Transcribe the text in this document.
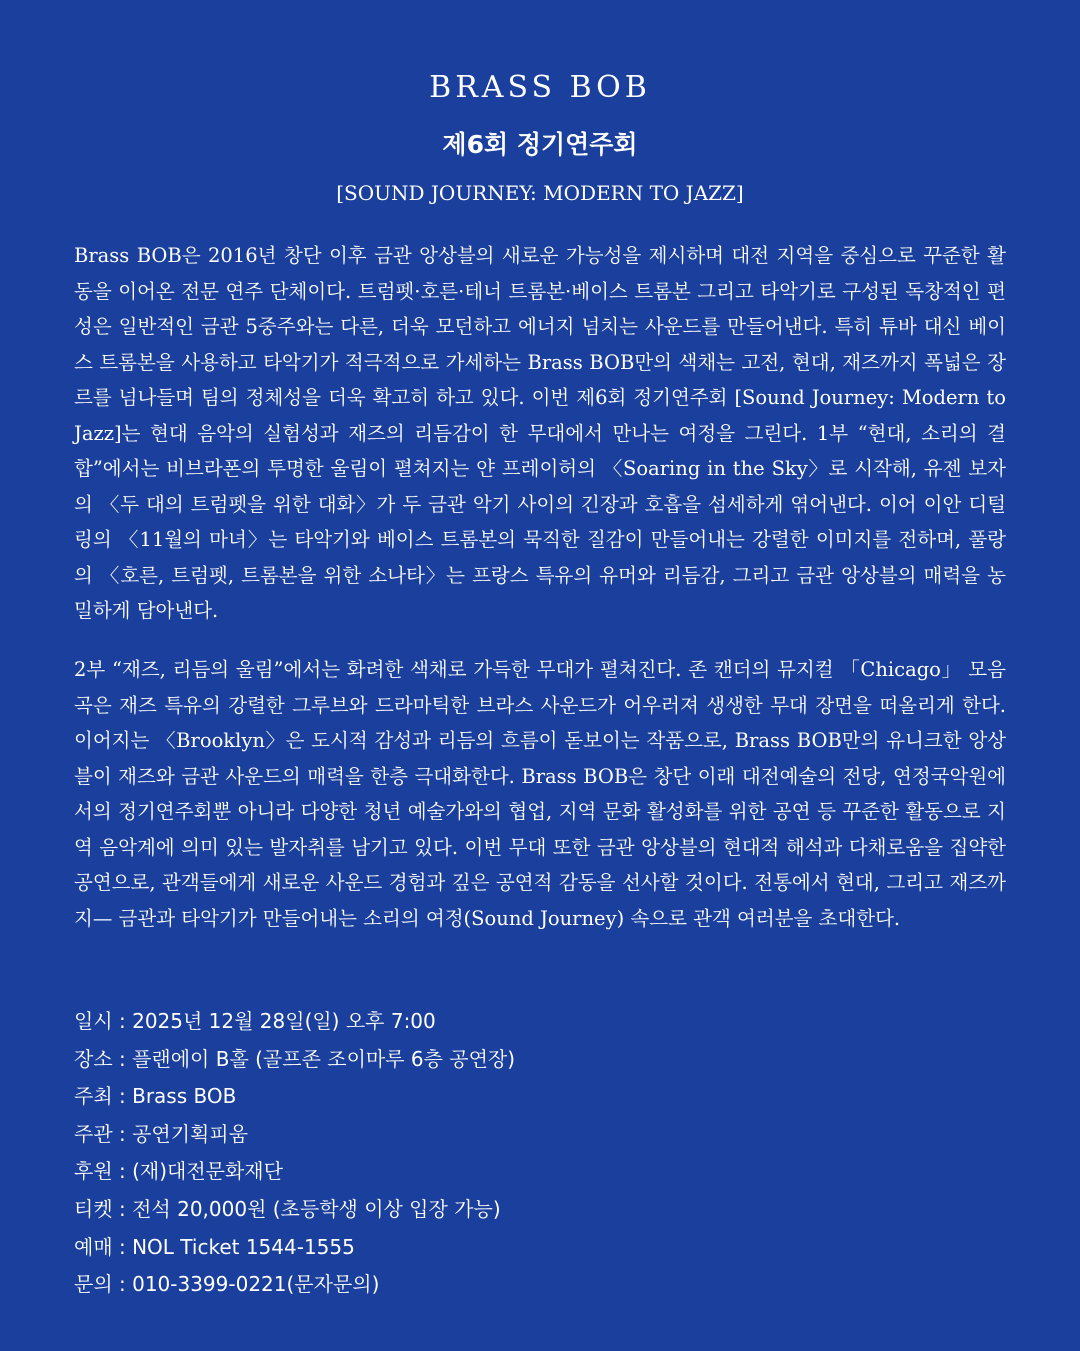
BRASS BOB
제6회 정기연주회
[SOUND JOURNEY: MODERN TO JAZZ]

Brass BOB은 2016년 창단 이후 금관 앙상블의 새로운 가능성을 제시하며 대전 지역을 중심으로 꾸준한 활동을 이어온 전문 연주 단체이다. 트럼펫·호른·테너 트롬본·베이스 트롬본 그리고 타악기로 구성된 독창적인 편성은 일반적인 금관 5중주와는 다른, 더욱 모던하고 에너지 넘치는 사운드를 만들어낸다. 특히 튜바 대신 베이스 트롬본을 사용하고 타악기가 적극적으로 가세하는 Brass BOB만의 색채는 고전, 현대, 재즈까지 폭넓은 장르를 넘나들며 팀의 정체성을 더욱 확고히 하고 있다. 이번 제6회 정기연주회 [Sound Journey: Modern to Jazz]는 현대 음악의 실험성과 재즈의 리듬감이 한 무대에서 만나는 여정을 그린다. 1부 “현대, 소리의 결합”에서는 비브라폰의 투명한 울림이 펼쳐지는 얀 프레이허의 〈Soaring in the Sky〉로 시작해, 유젠 보자의 〈두 대의 트럼펫을 위한 대화〉가 두 금관 악기 사이의 긴장과 호흡을 섬세하게 엮어낸다. 이어 이안 디털링의 〈11월의 마녀〉는 타악기와 베이스 트롬본의 묵직한 질감이 만들어내는 강렬한 이미지를 전하며, 풀랑의 〈호른, 트럼펫, 트롬본을 위한 소나타〉는 프랑스 특유의 유머와 리듬감, 그리고 금관 앙상블의 매력을 농밀하게 담아낸다.

2부 “재즈, 리듬의 울림”에서는 화려한 색채로 가득한 무대가 펼쳐진다. 존 캔더의 뮤지컬 「Chicago」 모음곡은 재즈 특유의 강렬한 그루브와 드라마틱한 브라스 사운드가 어우러져 생생한 무대 장면을 떠올리게 한다. 이어지는 〈Brooklyn〉은 도시적 감성과 리듬의 흐름이 돋보이는 작품으로, Brass BOB만의 유니크한 앙상블이 재즈와 금관 사운드의 매력을 한층 극대화한다. Brass BOB은 창단 이래 대전예술의 전당, 연정국악원에서의 정기연주회뿐 아니라 다양한 청년 예술가와의 협업, 지역 문화 활성화를 위한 공연 등 꾸준한 활동으로 지역 음악계에 의미 있는 발자취를 남기고 있다. 이번 무대 또한 금관 앙상블의 현대적 해석과 다채로움을 집약한 공연으로, 관객들에게 새로운 사운드 경험과 깊은 공연적 감동을 선사할 것이다. 전통에서 현대, 그리고 재즈까지— 금관과 타악기가 만들어내는 소리의 여정(Sound Journey) 속으로 관객 여러분을 초대한다.

일시 : 2025년 12월 28일(일) 오후 7:00
장소 : 플랜에이 B홀 (골프존 조이마루 6층 공연장)
주최 : Brass BOB
주관 : 공연기획피움
후원 : (재)대전문화재단
티켓 : 전석 20,000원 (초등학생 이상 입장 가능)
예매 : NOL Ticket 1544-1555
문의 : 010-3399-0221(문자문의)
